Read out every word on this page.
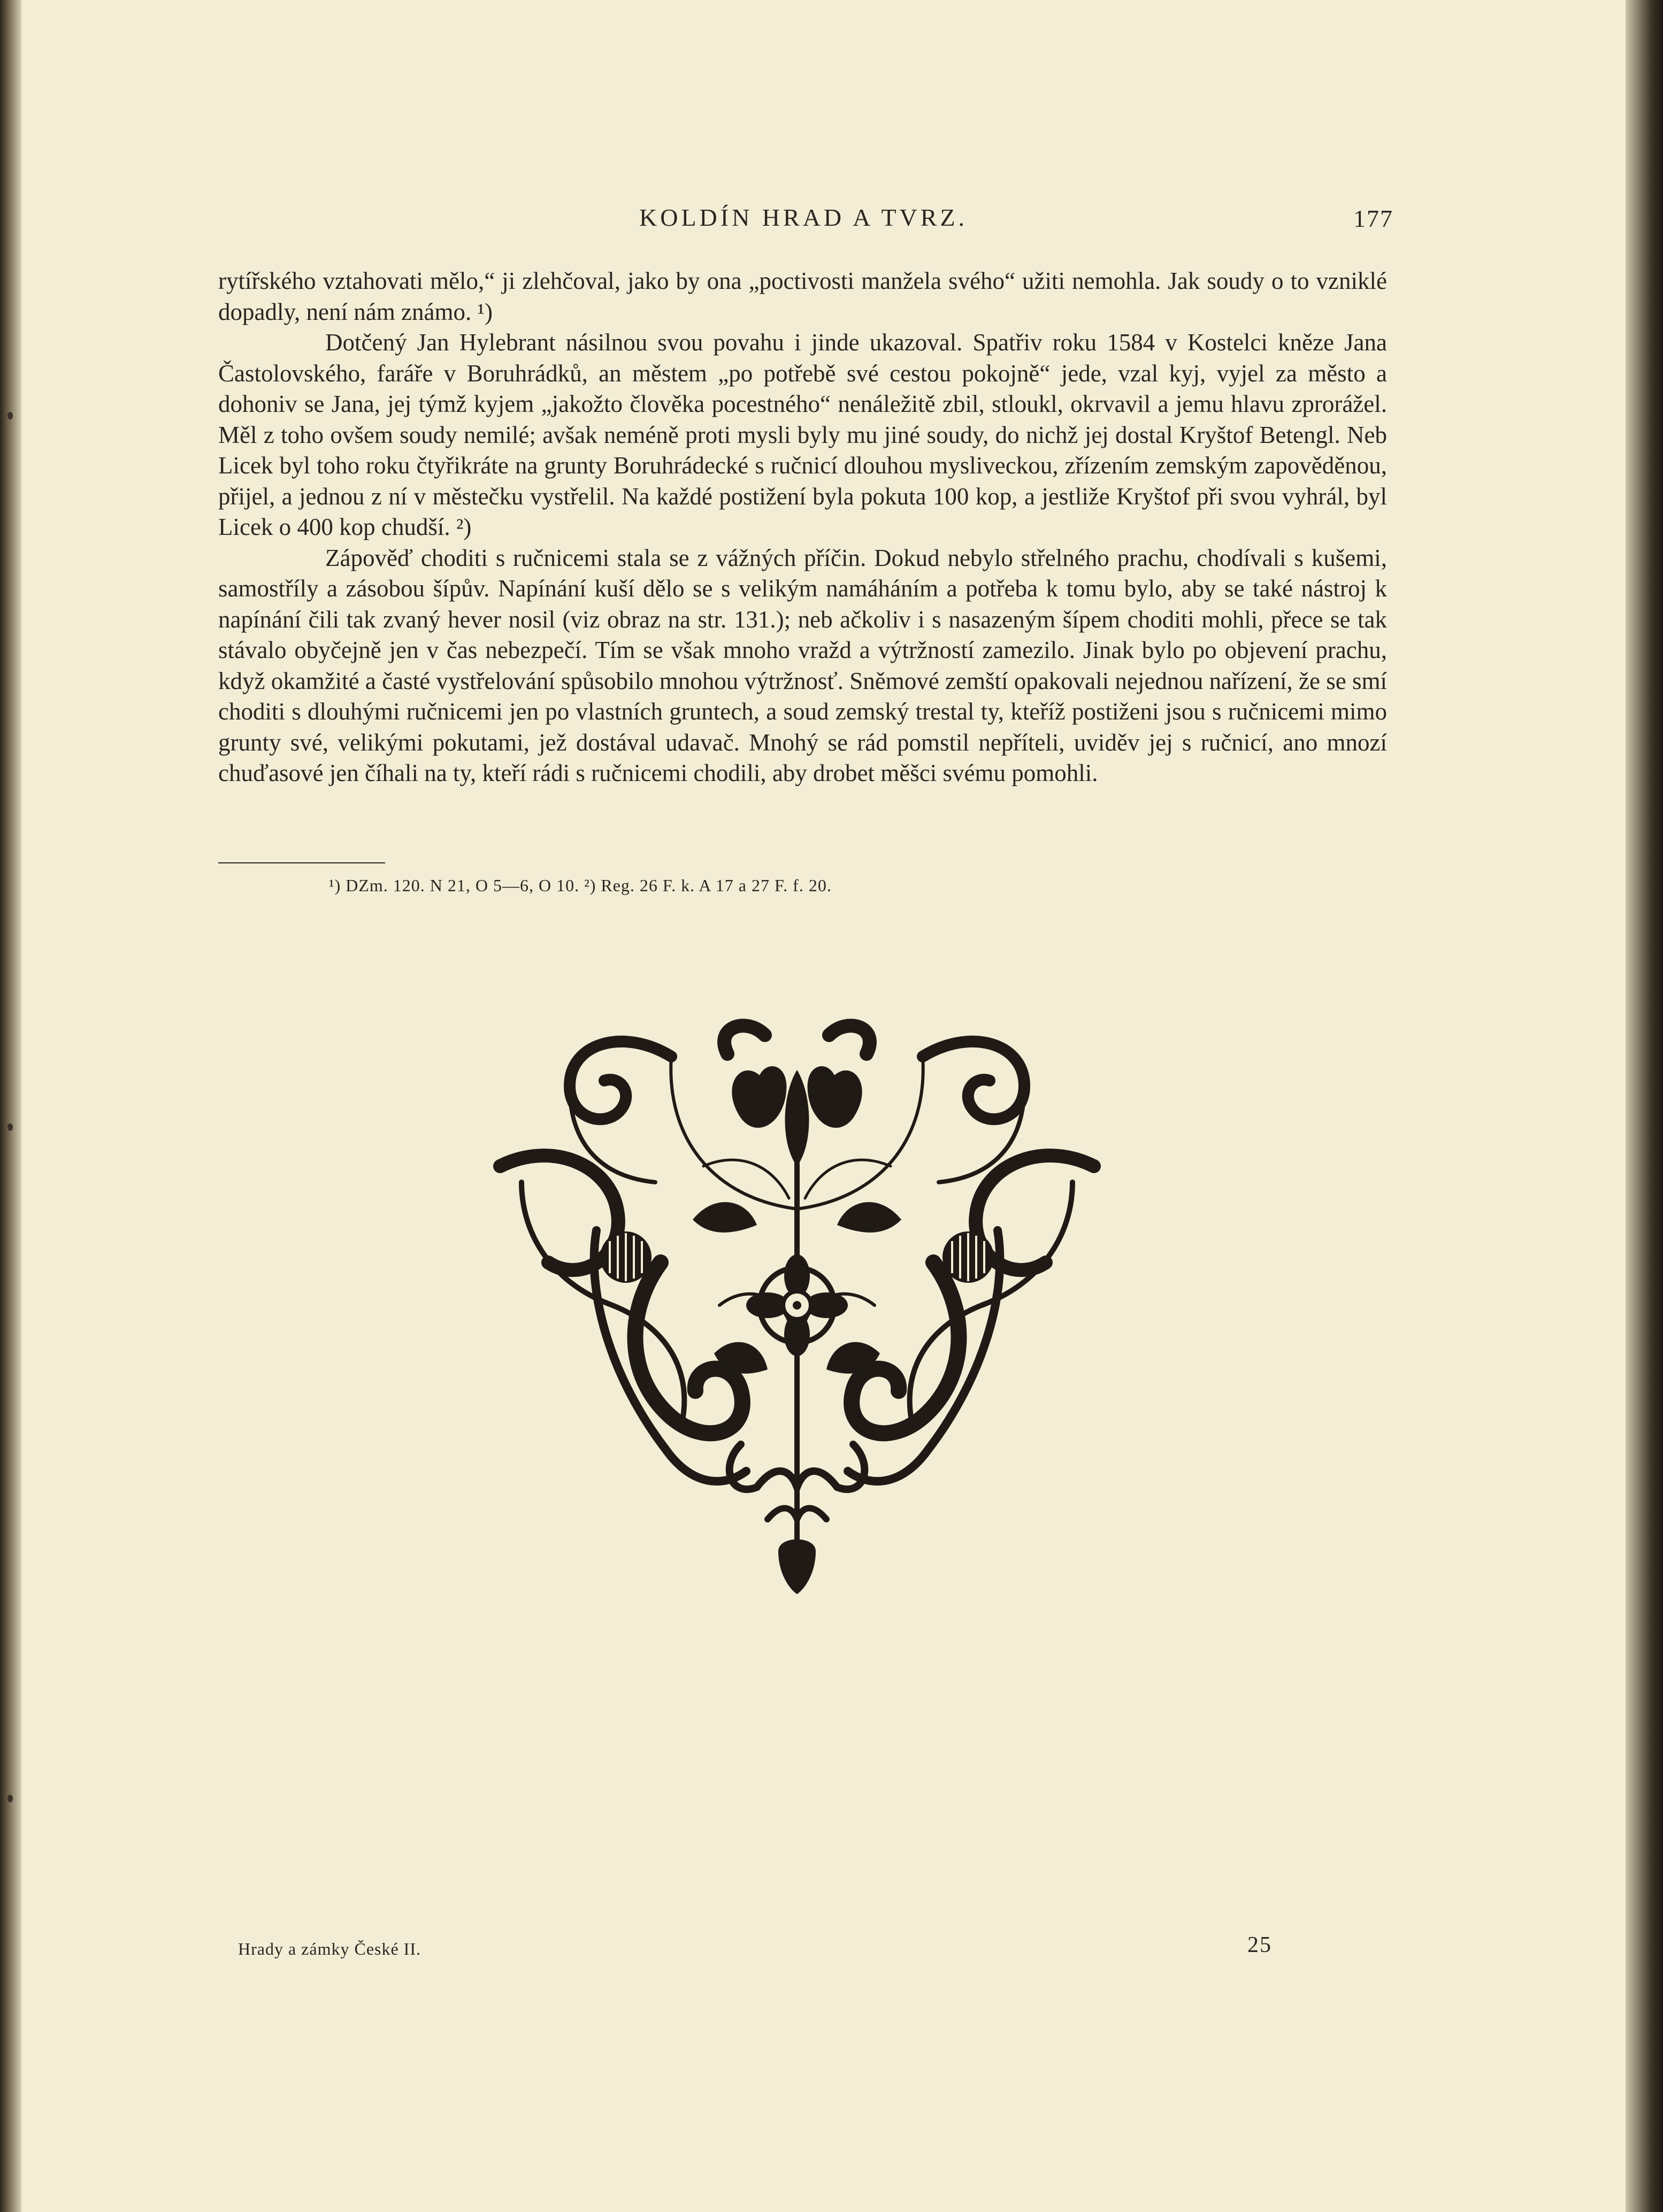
KOLDÍN HRAD A TVRZ.	177

rytířského vztahovati mělo,“ ji zlehčoval, jako by ona „poctivosti manžela svého“ užiti nemohla. Jak soudy o to vzniklé dopadly, není nám známo. ¹)

Dotčený Jan Hylebrant násilnou svou povahu i jinde ukazoval. Spatřiv roku 1584 v Kostelci kněze Jana Častolovského, faráře v Boruhrádků, an městem „po potřebě své cestou pokojně“ jede, vzal kyj, vyjel za město a dohoniv se Jana, jej týmž kyjem „jakožto člověka pocestného“ nenáležitě zbil, stloukl, okrvavil a jemu hlavu zprorážel. Měl z toho ovšem soudy nemilé; avšak neméně proti mysli byly mu jiné soudy, do nichž jej dostal Kryštof Betengl. Neb Licek byl toho roku čtyřikráte na grunty Boruhrádecké s ručnicí dlouhou mysliveckou, zřízením zemským zapověděnou, přijel, a jednou z ní v městečku vystřelil. Na každé postižení byla pokuta 100 kop, a jestliže Kryštof při svou vyhrál, byl Licek o 400 kop chudší. ²)

Zápověď choditi s ručnicemi stala se z vážných příčin. Dokud nebylo střelného prachu, chodívali s kušemi, samostříly a zásobou šípův. Napínání kuší dělo se s velikým namáháním a potřeba k tomu bylo, aby se také nástroj k napínání čili tak zvaný hever nosil (viz obraz na str. 131.); neb ačkoliv i s nasazeným šípem choditi mohli, přece se tak stávalo obyčejně jen v čas nebezpečí. Tím se však mnoho vražd a výtržností zamezilo. Jinak bylo po objevení prachu, když okamžité a časté vystřelování spůsobilo mnohou výtržnosť. Sněmové zemští opakovali nejednou nařízení, že se smí choditi s dlouhými ručnicemi jen po vlastních gruntech, a soud zemský trestal ty, kteříž postiženi jsou s ručnicemi mimo grunty své, velikými pokutami, jež dostával udavač. Mnohý se rád pomstil nepříteli, uviděv jej s ručnicí, ano mnozí chuďasové jen číhali na ty, kteří rádi s ručnicemi chodili, aby drobet měšci svému pomohli.

¹) DZm. 120. N 21, O 5—6, O 10. ²) Reg. 26 F. k. A 17 a 27 F. f. 20.
Hrady a zámky České II.	25
